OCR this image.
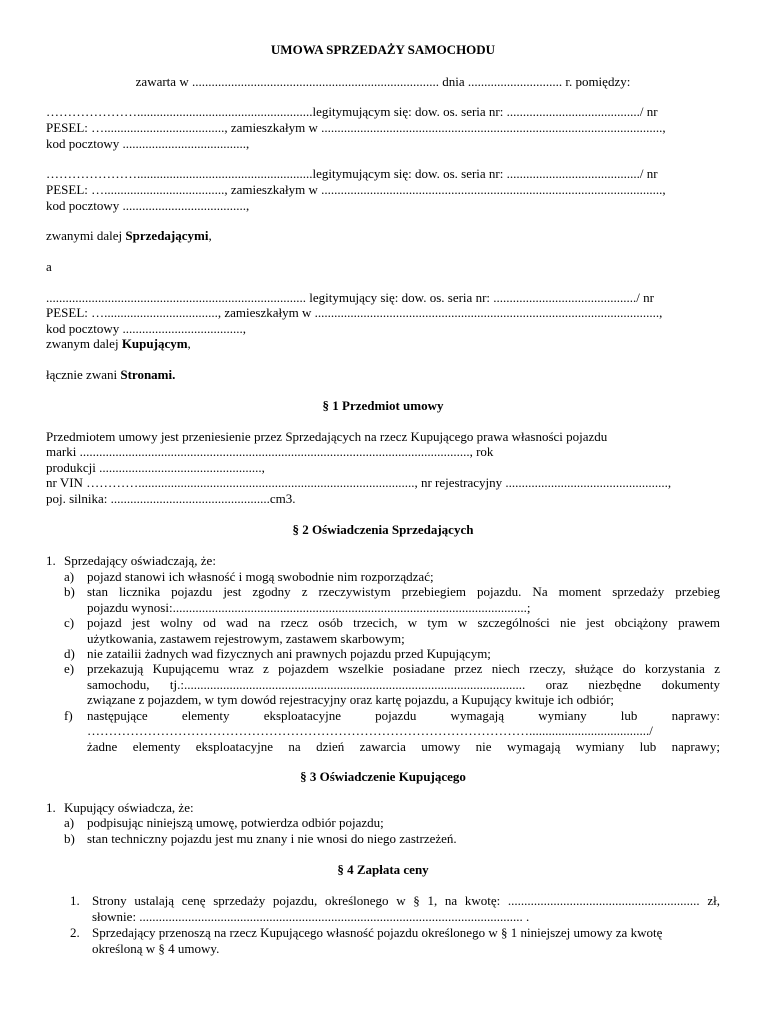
UMOWA SPRZEDAŻY SAMOCHODU
zawarta w ............................................................................ dnia ............................. r. pomiędzy:
…………………......................................................legitymującym się: dow. os. seria nr: ........................................./ nr
PESEL: …....................................., zamieszkałym w .........................................................................................................,
kod pocztowy ......................................,
…………………......................................................legitymującym się: dow. os. seria nr: ........................................./ nr
PESEL: …....................................., zamieszkałym w .........................................................................................................,
kod pocztowy ......................................,
zwanymi dalej Sprzedającymi,
a
................................................................................ legitymujący się: dow. os. seria nr: ............................................/ nr
PESEL: …..................................., zamieszkałym w ..........................................................................................................,
kod pocztowy .....................................,
zwanym dalej Kupującym,
łącznie zwani Stronami.
§ 1 Przedmiot umowy
Przedmiotem umowy jest przeniesienie przez Sprzedających na rzecz Kupującego prawa własności pojazdu
marki ........................................................................................................................, rok
produkcji ..................................................,
nr VIN …………....................................................................................., nr rejestracyjny ..................................................,
poj. silnika: .................................................cm3.
§ 2 Oświadczenia Sprzedających
1. Sprzedający oświadczają, że:
a) pojazd stanowi ich własność i mogą swobodnie nim rozporządzać;
b) stan licznika pojazdu jest zgodny z rzeczywistym przebiegiem pojazdu. Na moment sprzedaży przebieg
pojazdu wynosi:.............................................................................................................;
c) pojazd jest wolny od wad na rzecz osób trzecich, w tym w szczególności nie jest obciążony prawem
użytkowania, zastawem rejestrowym, zastawem skarbowym;
d) nie zatailii żadnych wad fizycznych ani prawnych pojazdu przed Kupującym;
e) przekazują Kupującemu wraz z pojazdem wszelkie posiadane przez niech rzeczy, służące do korzystania z
samochodu, tj.:......................................................................................................... oraz niezbędne dokumenty
związane z pojazdem, w tym dowód rejestracyjny oraz kartę pojazdu, a Kupujący kwituje ich odbiór;
f) następujące elementy eksploatacyjne pojazdu wymagają wymiany lub naprawy:
…………………………………………………………………………………………...................................../
żadne elementy eksploatacyjne na dzień zawarcia umowy nie wymagają wymiany lub naprawy;
§ 3 Oświadczenie Kupującego
1. Kupujący oświadcza, że:
a) podpisując niniejszą umowę, potwierdza odbiór pojazdu;
b) stan techniczny pojazdu jest mu znany i nie wnosi do niego zastrzeżeń.
§ 4 Zapłata ceny
1. Strony ustalają cenę sprzedaży pojazdu, określonego w § 1, na kwotę: ........................................................... zł,
słownie: ...................................................................................................................... .
2. Sprzedający przenoszą na rzecz Kupującego własność pojazdu określonego w § 1 niniejszej umowy za kwotę
określoną w § 4 umowy.
